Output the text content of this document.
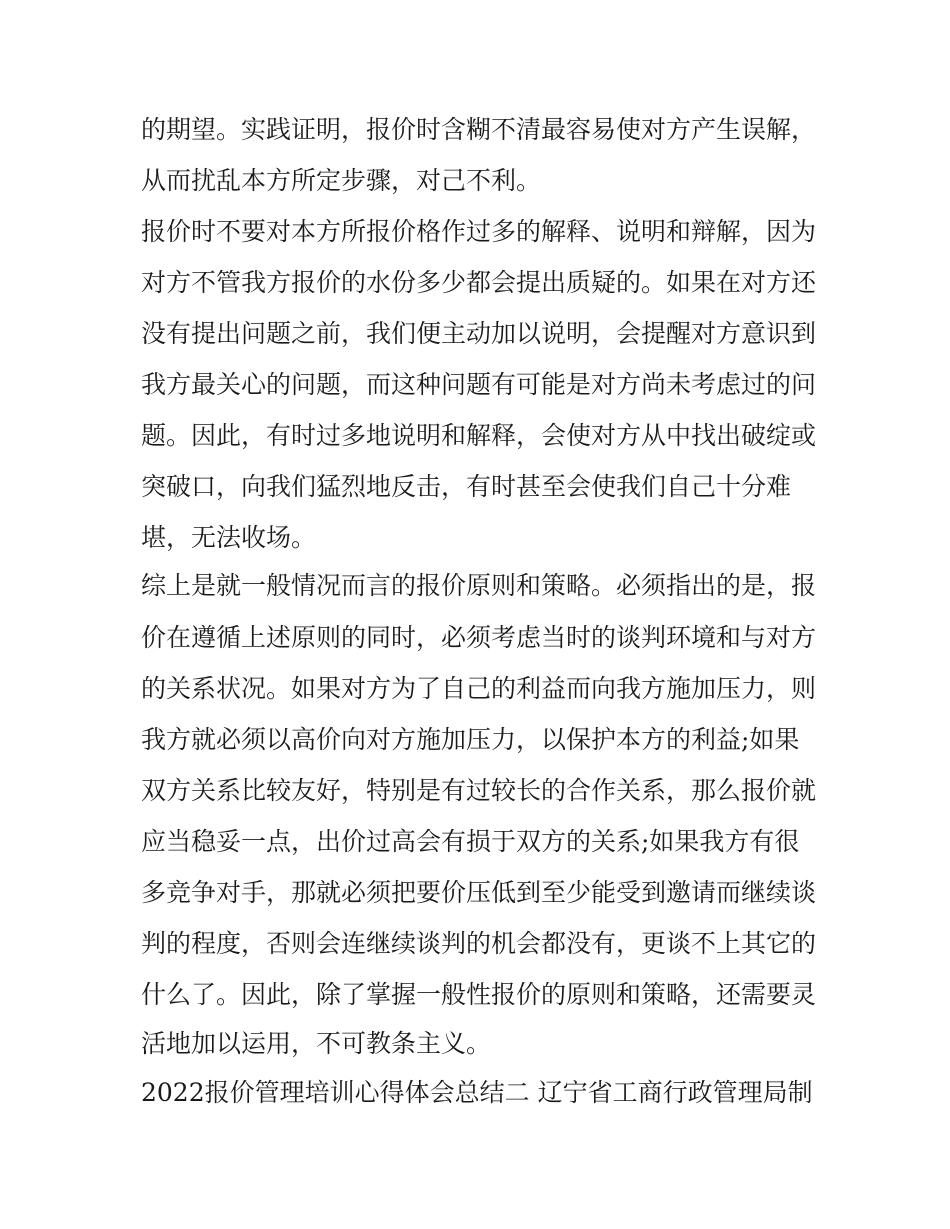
的期望。实践证明，报价时含糊不清最容易使对方产生误解，
从而扰乱本方所定步骤，对己不利。
报价时不要对本方所报价格作过多的解释、说明和辩解，因为
对方不管我方报价的水份多少都会提出质疑的。如果在对方还
没有提出问题之前，我们便主动加以说明，会提醒对方意识到
我方最关心的问题，而这种问题有可能是对方尚未考虑过的问
题。因此，有时过多地说明和解释，会使对方从中找出破绽或
突破口，向我们猛烈地反击，有时甚至会使我们自己十分难
堪，无法收场。
综上是就一般情况而言的报价原则和策略。必须指出的是，报
价在遵循上述原则的同时，必须考虑当时的谈判环境和与对方
的关系状况。如果对方为了自己的利益而向我方施加压力，则
我方就必须以高价向对方施加压力，以保护本方的利益;如果
双方关系比较友好，特别是有过较长的合作关系，那么报价就
应当稳妥一点，出价过高会有损于双方的关系;如果我方有很
多竞争对手，那就必须把要价压低到至少能受到邀请而继续谈
判的程度，否则会连继续谈判的机会都没有，更谈不上其它的
什么了。因此，除了掌握一般性报价的原则和策略，还需要灵
活地加以运用，不可教条主义。
2022报价管理培训心得体会总结二 辽宁省工商行政管理局制
